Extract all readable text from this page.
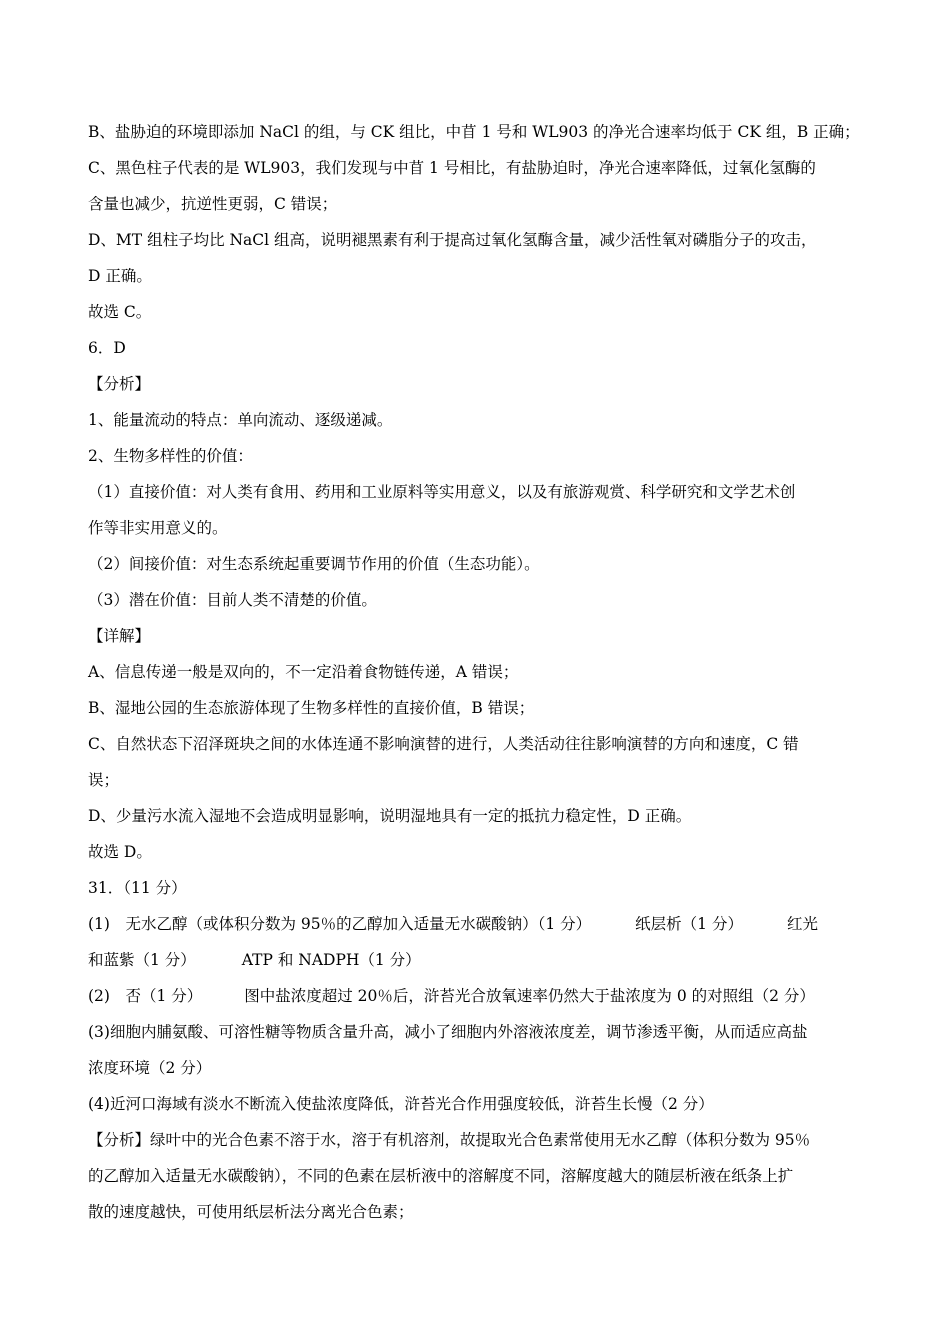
B、盐胁迫的环境即添加 NaCl 的组，与 CK 组比，中苜 1 号和 WL903 的净光合速率均低于 CK 组，B 正确；
C、黑色柱子代表的是 WL903，我们发现与中苜 1 号相比，有盐胁迫时，净光合速率降低，过氧化氢酶的
含量也减少，抗逆性更弱，C 错误；
D、MT 组柱子均比 NaCl 组高，说明褪黑素有利于提高过氧化氢酶含量，减少活性氧对磷脂分子的攻击，
D 正确。
故选 C。
6．D
【分析】
1、能量流动的特点：单向流动、逐级递减。
2、生物多样性的价值：
（1）直接价值：对人类有食用、药用和工业原料等实用意义，以及有旅游观赏、科学研究和文学艺术创
作等非实用意义的。
（2）间接价值：对生态系统起重要调节作用的价值（生态功能）。
（3）潜在价值：目前人类不清楚的价值。
【详解】
A、信息传递一般是双向的，不一定沿着食物链传递，A 错误；
B、湿地公园的生态旅游体现了生物多样性的直接价值，B 错误；
C、自然状态下沼泽斑块之间的水体连通不影响演替的进行，人类活动往往影响演替的方向和速度，C 错
误；
D、少量污水流入湿地不会造成明显影响，说明湿地具有一定的抵抗力稳定性，D 正确。
故选 D。
31．（11 分）
(1)　无水乙醇（或体积分数为 95％的乙醇加入适量无水碳酸钠）（1 分）	纸层析（1 分）	红光
和蓝紫（1 分）	ATP 和 NADPH（1 分）
(2)　否（1 分）	图中盐浓度超过 20％后，浒苔光合放氧速率仍然大于盐浓度为 0 的对照组（2 分）
(3)细胞内脯氨酸、可溶性糖等物质含量升高，减小了细胞内外溶液浓度差，调节渗透平衡，从而适应高盐
浓度环境（2 分）
(4)近河口海域有淡水不断流入使盐浓度降低，浒苔光合作用强度较低，浒苔生长慢（2 分）
【分析】绿叶中的光合色素不溶于水，溶于有机溶剂，故提取光合色素常使用无水乙醇（体积分数为 95％
的乙醇加入适量无水碳酸钠），不同的色素在层析液中的溶解度不同，溶解度越大的随层析液在纸条上扩
散的速度越快，可使用纸层析法分离光合色素；
